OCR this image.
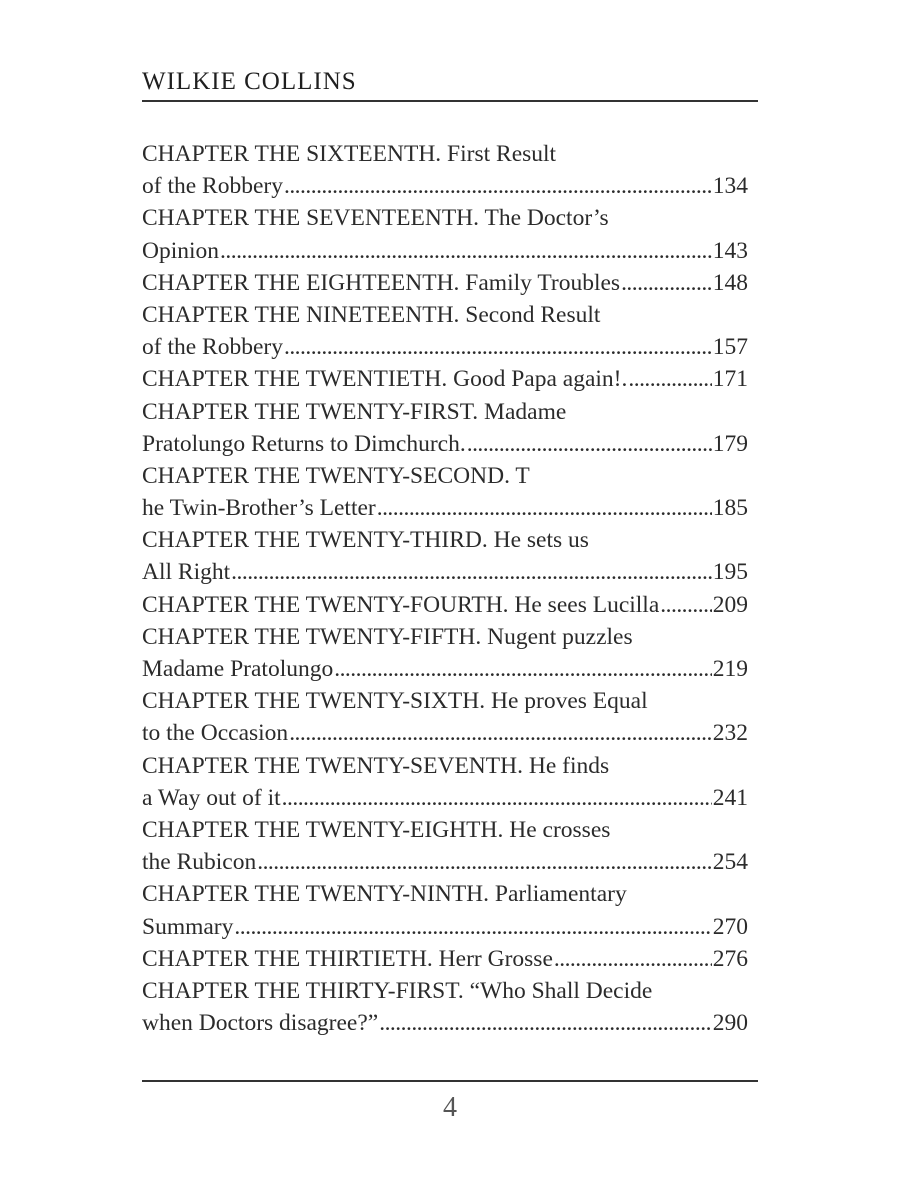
WILKIE COLLINS
CHAPTER THE SIXTEENTH. First Result
of the Robbery . . .	134
CHAPTER THE SEVENTEENTH. The Doctor’s
Opinion . . .	143
CHAPTER THE EIGHTEENTH. Family Troubles . . .	148
CHAPTER THE NINETEENTH. Second Result
of the Robbery . . .	157
CHAPTER THE TWENTIETH. Good Papa again!. . . .	171
CHAPTER THE TWENTY-FIRST. Madame
Pratolungo Returns to Dimchurch. . . .	179
CHAPTER THE TWENTY-SECOND. T
he Twin-Brother’s Letter . . .	185
CHAPTER THE TWENTY-THIRD. He sets us
All Right . . .	195
CHAPTER THE TWENTY-FOURTH. He sees Lucilla . . . 209
CHAPTER THE TWENTY-FIFTH. Nugent puzzles
Madame Pratolungo . . .	219
CHAPTER THE TWENTY-SIXTH. He proves Equal
to the Occasion . . .	232
CHAPTER THE TWENTY-SEVENTH. He finds
a Way out of it . . .	241
CHAPTER THE TWENTY-EIGHTH. He crosses
the Rubicon . . .	254
CHAPTER THE TWENTY-NINTH. Parliamentary
Summary . . .	270
CHAPTER THE THIRTIETH. Herr Grosse . . .	276
CHAPTER THE THIRTY-FIRST. “Who Shall Decide
when Doctors disagree?” . . .	290
4
